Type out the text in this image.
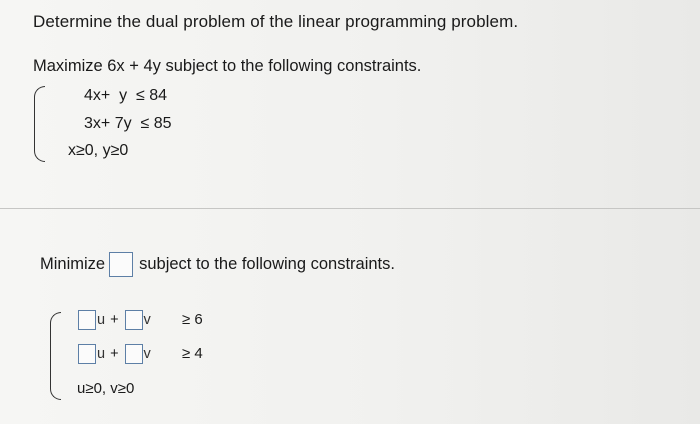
Determine the dual problem of the linear programming problem.
Maximize 6x + 4y subject to the following constraints.
4x+  y  ≤ 84
3x+ 7y  ≤ 85
x≥0, y≥0
Minimize subject to the following constraints.
u + v ≥ 6
u + v ≥ 4
u≥0, v≥0
